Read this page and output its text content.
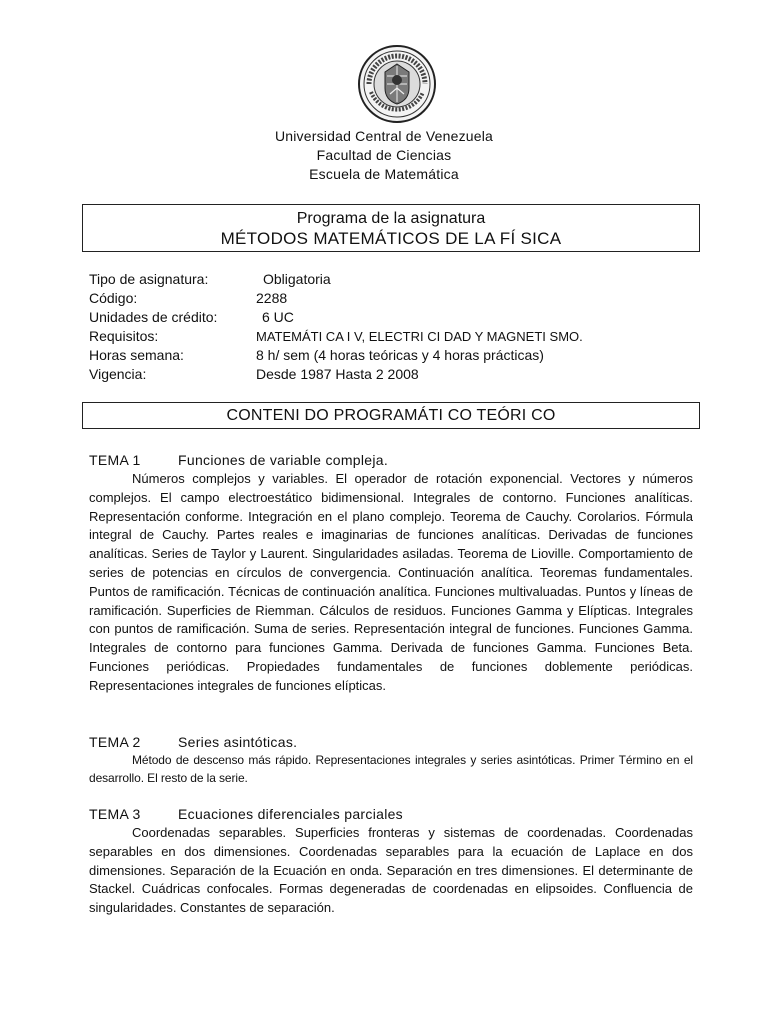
Universidad Central de Venezuela
Facultad de Ciencias
Escuela de Matemática
Programa de la asignatura
MÉTODOS MATEMÁTICOS DE LA FÍ SICA
Tipo de asignatura:	Obligatoria
Código:	2288
Unidades de crédito:	6 UC
Requisitos:	MATEMÁTI CA I V, ELECTRI CI DAD Y MAGNETI SMO.
Horas semana:	8 h/ sem (4 horas teóricas y 4 horas prácticas)
Vigencia:	Desde 1987 Hasta 2 2008
CONTENI DO PROGRAMÁTI CO TEÓRI CO
TEMA 1	Funciones de variable compleja.
Números complejos y variables. El operador de rotación exponencial. Vectores y números complejos. El campo electroestático bidimensional. Integrales de contorno. Funciones analíticas. Representación conforme. Integración en el plano complejo. Teorema de Cauchy. Corolarios. Fórmula integral de Cauchy. Partes reales e imaginarias de funciones analíticas. Derivadas de funciones analíticas. Series de Taylor y Laurent. Singularidades asiladas. Teorema de Lioville. Comportamiento de series de potencias en círculos de convergencia. Continuación analítica. Teoremas fundamentales. Puntos de ramificación. Técnicas de continuación analítica. Funciones multivaluadas. Puntos y líneas de ramificación. Superficies de Riemman. Cálculos de residuos. Funciones Gamma y Elípticas. Integrales con puntos de ramificación. Suma de series. Representación integral de funciones. Funciones Gamma. Integrales de contorno para funciones Gamma. Derivada de funciones Gamma. Funciones Beta. Funciones periódicas. Propiedades fundamentales de funciones doblemente periódicas. Representaciones integrales de funciones elípticas.
TEMA 2	Series asintóticas.
Método de descenso más rápido. Representaciones integrales y series asintóticas. Primer Término en el desarrollo. El resto de la serie.
TEMA 3	Ecuaciones diferenciales parciales
Coordenadas separables. Superficies fronteras y sistemas de coordenadas. Coordenadas separables en dos dimensiones. Coordenadas separables para la ecuación de Laplace en dos dimensiones. Separación de la Ecuación en onda. Separación en tres dimensiones. El determinante de Stackel. Cuádricas confocales. Formas degeneradas de coordenadas en elipsoides. Confluencia de singularidades. Constantes de separación.
